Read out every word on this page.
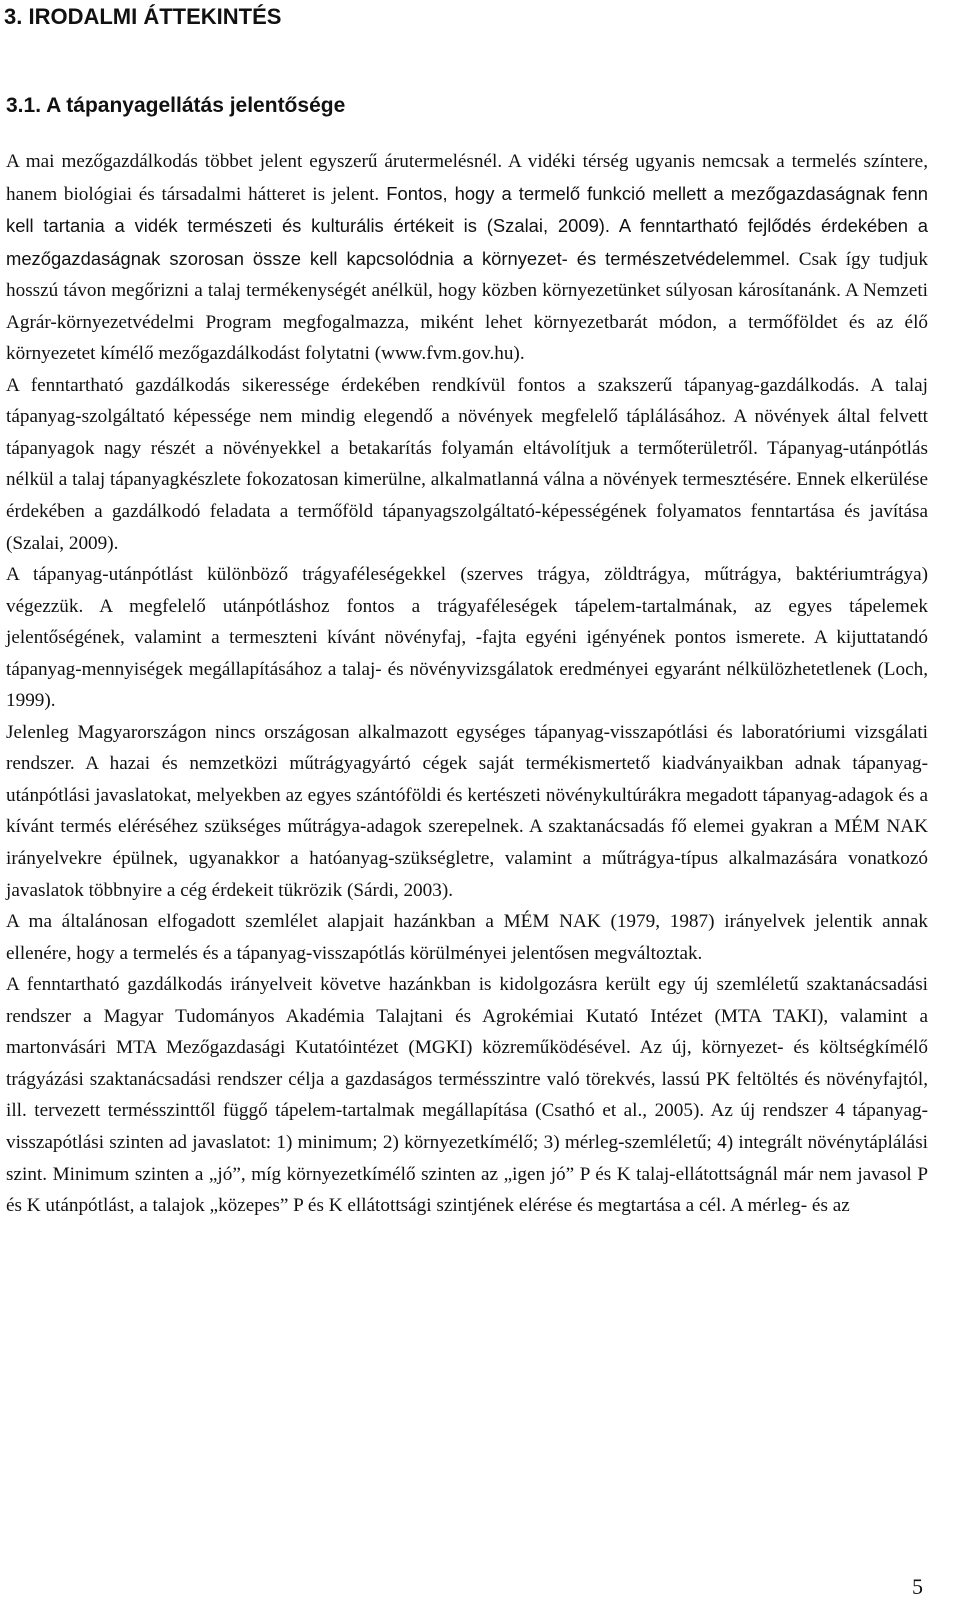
3. IRODALMI ÁTTEKINTÉS
3.1. A tápanyagellátás jelentősége

A mai mezőgazdálkodás többet jelent egyszerű árutermelésnél. A vidéki térség ugyanis nemcsak a termelés színtere, hanem biológiai és társadalmi hátteret is jelent. Fontos, hogy a termelő funkció mellett a mezőgazdaságnak fenn kell tartania a vidék természeti és kulturális értékeit is (Szalai, 2009). A fenntartható fejlődés érdekében a mezőgazdaságnak szorosan össze kell kapcsolódnia a környezet- és természetvédelemmel. Csak így tudjuk hosszú távon megőrizni a talaj termékenységét anélkül, hogy közben környezetünket súlyosan károsítanánk. A Nemzeti Agrár-környezetvédelmi Program megfogalmazza, miként lehet környezetbarát módon, a termőföldet és az élő környezetet kímélő mezőgazdálkodást folytatni (www.fvm.gov.hu).

A fenntartható gazdálkodás sikeressége érdekében rendkívül fontos a szakszerű tápanyag-gazdálkodás. A talaj tápanyag-szolgáltató képessége nem mindig elegendő a növények megfelelő táplálásához. A növények által felvett tápanyagok nagy részét a növényekkel a betakarítás folyamán eltávolítjuk a termőterületről. Tápanyag-utánpótlás nélkül a talaj tápanyagkészlete fokozatosan kimerülne, alkalmatlanná válna a növények termesztésére. Ennek elkerülése érdekében a gazdálkodó feladata a termőföld tápanyagszolgáltató-képességének folyamatos fenntartása és javítása (Szalai, 2009).

A tápanyag-utánpótlást különböző trágyaféleségekkel (szerves trágya, zöldtrágya, műtrágya, baktériumtrágya) végezzük. A megfelelő utánpótláshoz fontos a trágyaféleségek tápelem-tartalmának, az egyes tápelemek jelentőségének, valamint a termeszteni kívánt növényfaj, -fajta egyéni igényének pontos ismerete. A kijuttatandó tápanyag-mennyiségek megállapításához a talaj- és növényvizsgálatok eredményei egyaránt nélkülözhetetlenek (Loch, 1999).

Jelenleg Magyarországon nincs országosan alkalmazott egységes tápanyag-visszapótlási és laboratóriumi vizsgálati rendszer. A hazai és nemzetközi műtrágyagyártó cégek saját termékismertető kiadványaikban adnak tápanyag-utánpótlási javaslatokat, melyekben az egyes szántóföldi és kertészeti növénykultúrákra megadott tápanyag-adagok és a kívánt termés eléréséhez szükséges műtrágya-adagok szerepelnek. A szaktanácsadás fő elemei gyakran a MÉM NAK irányelvekre épülnek, ugyanakkor a hatóanyag-szükségletre, valamint a műtrágya-típus alkalmazására vonatkozó javaslatok többnyire a cég érdekeit tükrözik (Sárdi, 2003).

A ma általánosan elfogadott szemlélet alapjait hazánkban a MÉM NAK (1979, 1987) irányelvek jelentik annak ellenére, hogy a termelés és a tápanyag-visszapótlás körülményei jelentősen megváltoztak.

A fenntartható gazdálkodás irányelveit követve hazánkban is kidolgozásra került egy új szemléletű szaktanácsadási rendszer a Magyar Tudományos Akadémia Talajtani és Agrokémiai Kutató Intézet (MTA TAKI), valamint a martonvásári MTA Mezőgazdasági Kutatóintézet (MGKI) közreműködésével. Az új, környezet- és költségkímélő trágyázási szaktanácsadási rendszer célja a gazdaságos termésszintre való törekvés, lassú PK feltöltés és növényfajtól, ill. tervezett termésszinttől függő tápelem-tartalmak megállapítása (Csathó et al., 2005). Az új rendszer 4 tápanyag-visszapótlási szinten ad javaslatot: 1) minimum; 2) környezetkímélő; 3) mérleg-szemléletű; 4) integrált növénytáplálási szint. Minimum szinten a „jó”, míg környezetkímélő szinten az „igen jó” P és K talaj-ellátottságnál már nem javasol P és K utánpótlást, a talajok „közepes” P és K ellátottsági szintjének elérése és megtartása a cél. A mérleg- és az

5
